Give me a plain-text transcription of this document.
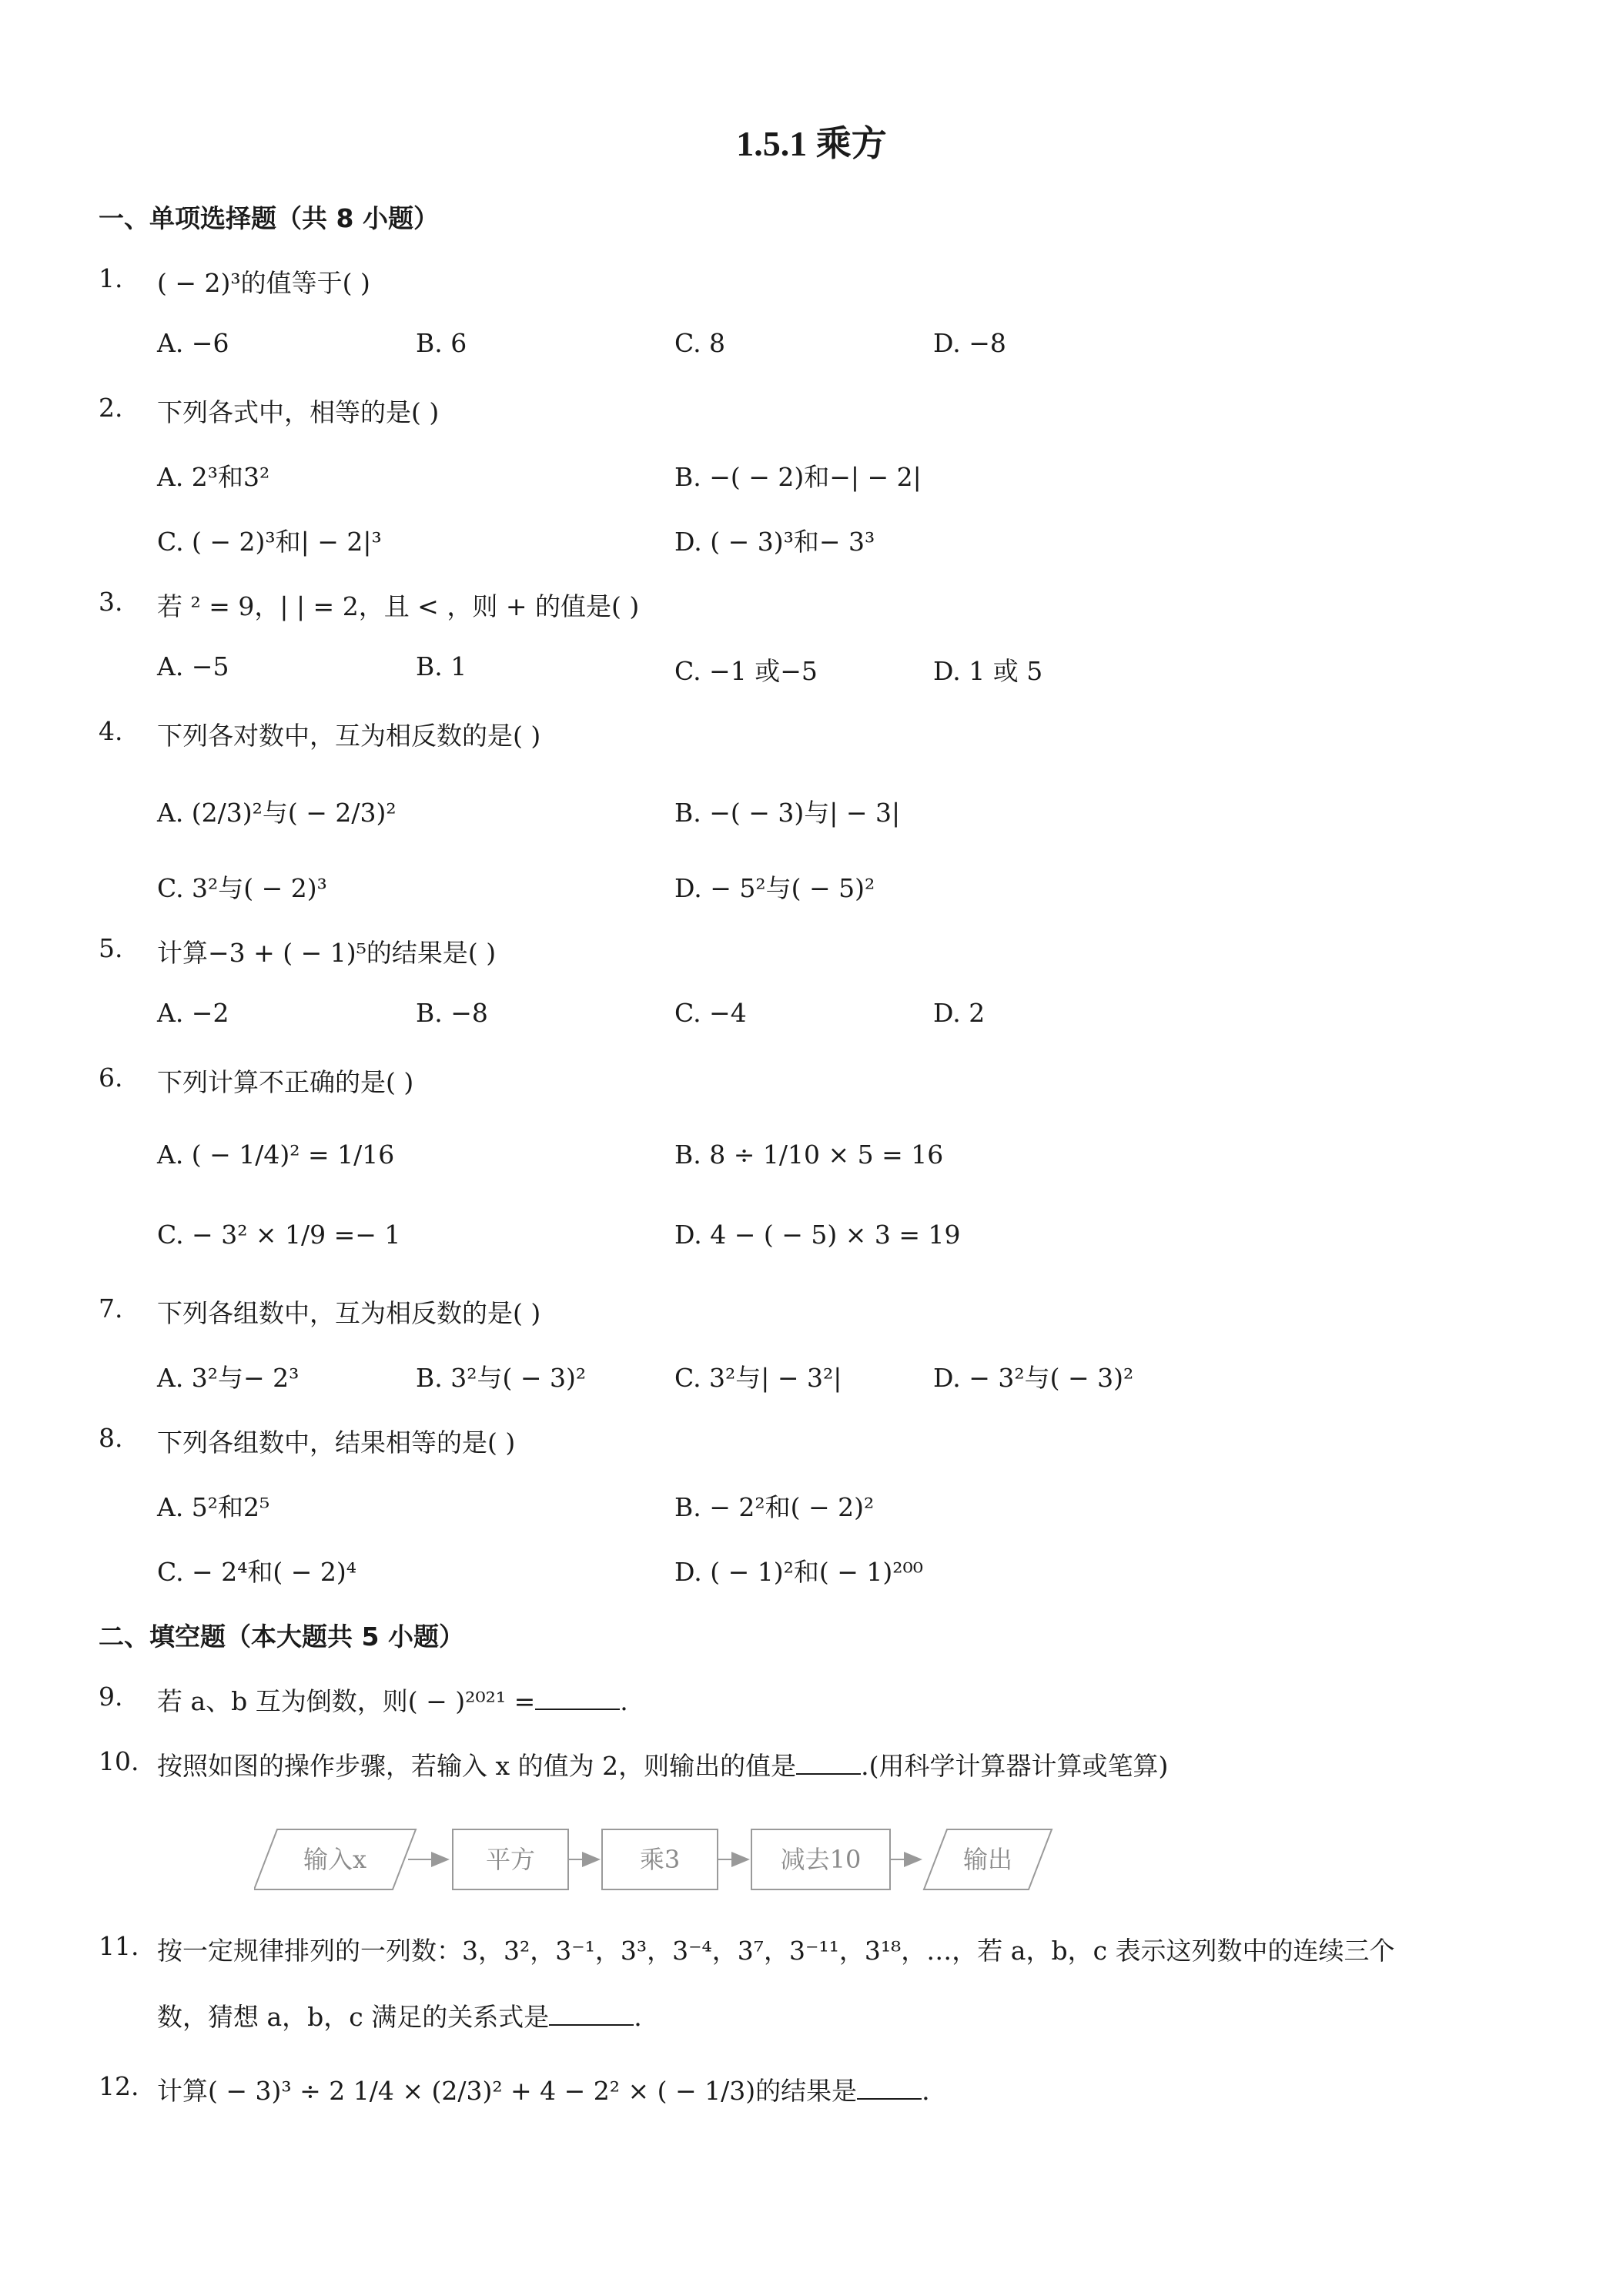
1.5.1 乘方
一、单项选择题（共 8 小题）
1. ( − 2)³的值等于( )
A. −6	B. 6	C. 8	D. −8
2. 下列各式中，相等的是( )
A. 2³和3²	B. −( − 2)和−| − 2|
C. ( − 2)³和| − 2|³	D. ( − 3)³和− 3³
3. 若 ² = 9，| | = 2，且 < ，则 + 的值是( )
A. −5	B. 1	C. −1 或−5	D. 1 或 5
4. 下列各对数中，互为相反数的是( )
A. (2/3)²与( − 2/3)²	B. −( − 3)与| − 3|
C. 3²与( − 2)³	D. − 5²与( − 5)²
5. 计算−3 + ( − 1)⁵的结果是( )
A. −2	B. −8	C. −4	D. 2
6. 下列计算不正确的是( )
A. ( − 1/4)² = 1/16	B. 8 ÷ 1/10 × 5 = 16
C. − 3² × 1/9 =− 1	D. 4 − ( − 5) × 3 = 19
7. 下列各组数中，互为相反数的是( )
A. 3²与− 2³	B. 3²与( − 3)²	C. 3²与| − 3²|	D. − 3²与( − 3)²
8. 下列各组数中，结果相等的是( )
A. 5²和2⁵	B. − 2²和( − 2)²
C. − 2⁴和( − 2)⁴	D. ( − 1)²和( − 1)²⁰⁰
二、填空题（本大题共 5 小题）
9. 若 a、b 互为倒数，则( − )²⁰²¹ =	.
10. 按照如图的操作步骤，若输入 x 的值为 2，则输出的值是	.(用科学计算器计算或笔算)
输入x	平方	乘3	减去10	输出
11. 按一定规律排列的一列数：3，3²，3⁻¹，3³，3⁻⁴，3⁷，3⁻¹¹，3¹⁸，…，若 a，b，c 表示这列数中的连续三个
数，猜想 a，b，c 满足的关系式是	.
12. 计算( − 3)³ ÷ 2 1/4 × (2/3)² + 4 − 2² × ( − 1/3)的结果是	.
